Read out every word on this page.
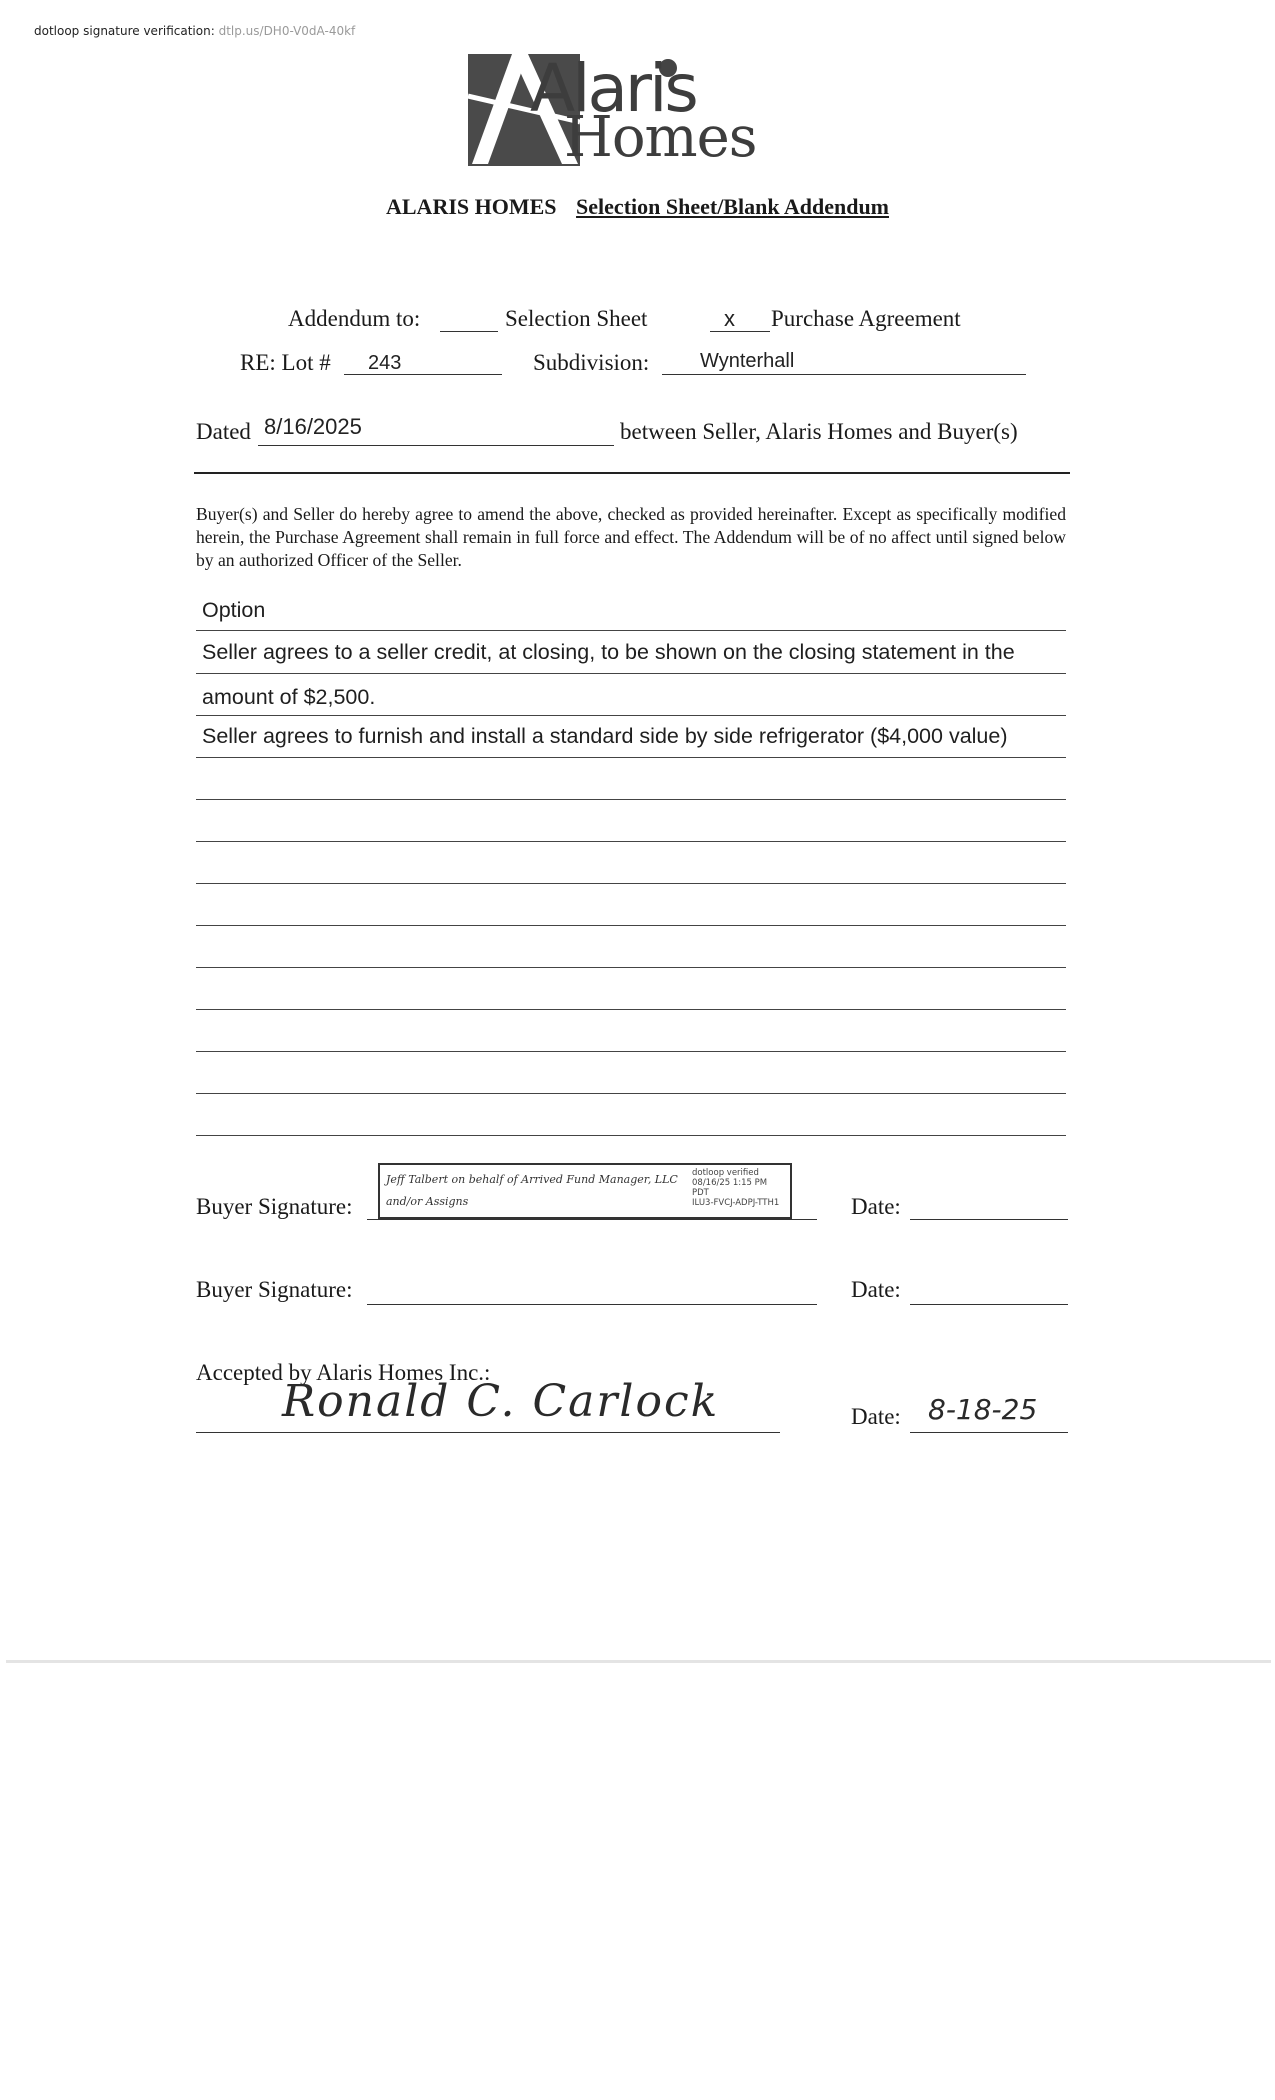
dotloop signature verification: dtlp.us/DH0-V0dA-40kf
Alaris
Homes
ALARIS HOMES Selection Sheet/Blank Addendum
Addendum to:	Selection Sheet	x Purchase Agreement
RE: Lot # 243	Subdivision:	Wynterhall
Dated 8/16/2025	between Seller, Alaris Homes and Buyer(s)
Buyer(s) and Seller do hereby agree to amend the above, checked as provided hereinafter. Except as specifically modified herein, the Purchase Agreement shall remain in full force and effect. The Addendum will be of no affect until signed below by an authorized Officer of the Seller.
Option
Seller agrees to a seller credit, at closing, to be shown on the closing statement in the
amount of $2,500.
Seller agrees to furnish and install a standard side by side refrigerator ($4,000 value)
Buyer Signature:
Jeff Talbert on behalf of Arrived Fund Manager, LLC
and/or Assigns
dotloop verified
08/16/25 1:15 PM
PDT
ILU3-FVCJ-ADPJ-TTH1	Date:
Buyer Signature:	Date:
Accepted by Alaris Homes Inc.:
Ronald C. Carlock	Date: 8-18-25
